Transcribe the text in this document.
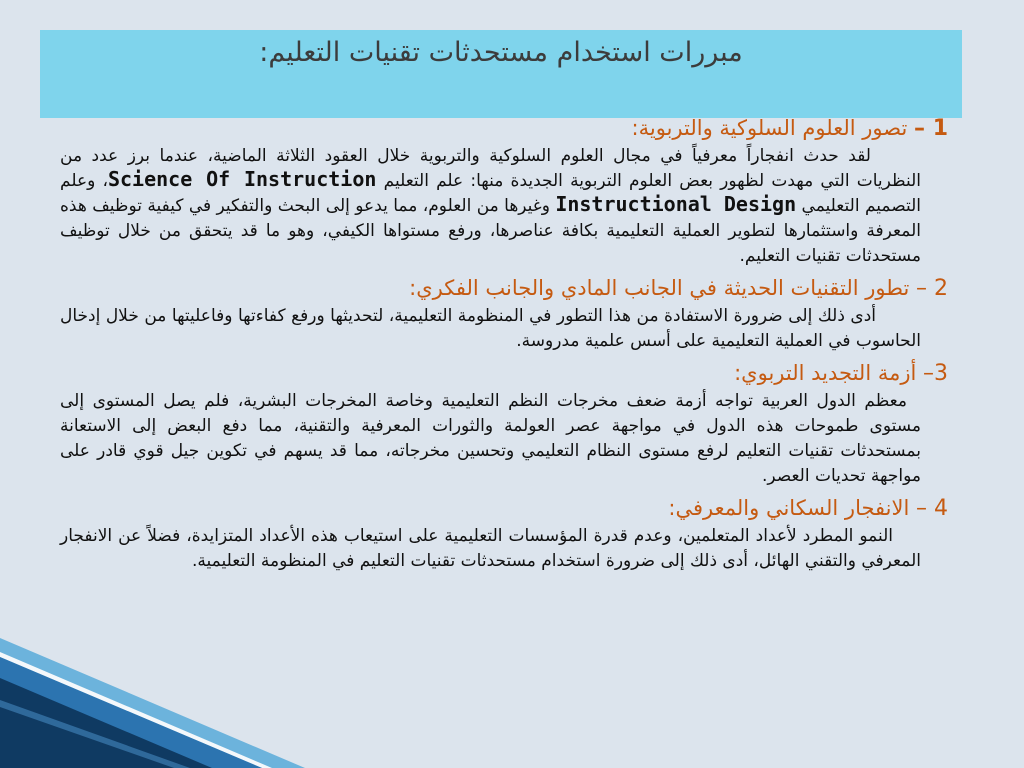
مبررات استخدام مستحدثات تقنيات التعليم:
1 – تصور العلوم السلوكية والتربوية:

لقد حدث انفجاراً معرفياً في مجال العلوم السلوكية والتربوية خلال العقود الثلاثة الماضية، عندما برز عدد من النظريات التي مهدت لظهور بعض العلوم التربوية الجديدة منها: علم التعليم Science Of Instruction، وعلم التصميم التعليمي Instructional Design وغيرها من العلوم، مما يدعو إلى البحث والتفكير في كيفية توظيف هذه المعرفة واستثمارها لتطوير العملية التعليمية بكافة عناصرها، ورفع مستواها الكيفي، وهو ما قد يتحقق من خلال توظيف مستحدثات تقنيات التعليم.

2 – تطور التقنيات الحديثة في الجانب المادي والجانب الفكري:

أدى ذلك إلى ضرورة الاستفادة من هذا التطور في المنظومة التعليمية، لتحديثها ورفع كفاءتها وفاعليتها من خلال إدخال الحاسوب في العملية التعليمية على أسس علمية مدروسة.

3– أزمة التجديد التربوي:

معظم الدول العربية تواجه أزمة ضعف مخرجات النظم التعليمية وخاصة المخرجات البشرية، فلم يصل المستوى إلى مستوى طموحات هذه الدول في مواجهة عصر العولمة والثورات المعرفية والتقنية، مما دفع البعض إلى الاستعانة بمستحدثات تقنيات التعليم لرفع مستوى النظام التعليمي وتحسين مخرجاته، مما قد يسهم في تكوين جيل قوي قادر على مواجهة تحديات العصر.

4 – الانفجار السكاني والمعرفي:

النمو المطرد لأعداد المتعلمين، وعدم قدرة المؤسسات التعليمية على استيعاب هذه الأعداد المتزايدة، فضلاً عن الانفجار المعرفي والتقني الهائل، أدى ذلك إلى ضرورة استخدام مستحدثات تقنيات التعليم في المنظومة التعليمية.
